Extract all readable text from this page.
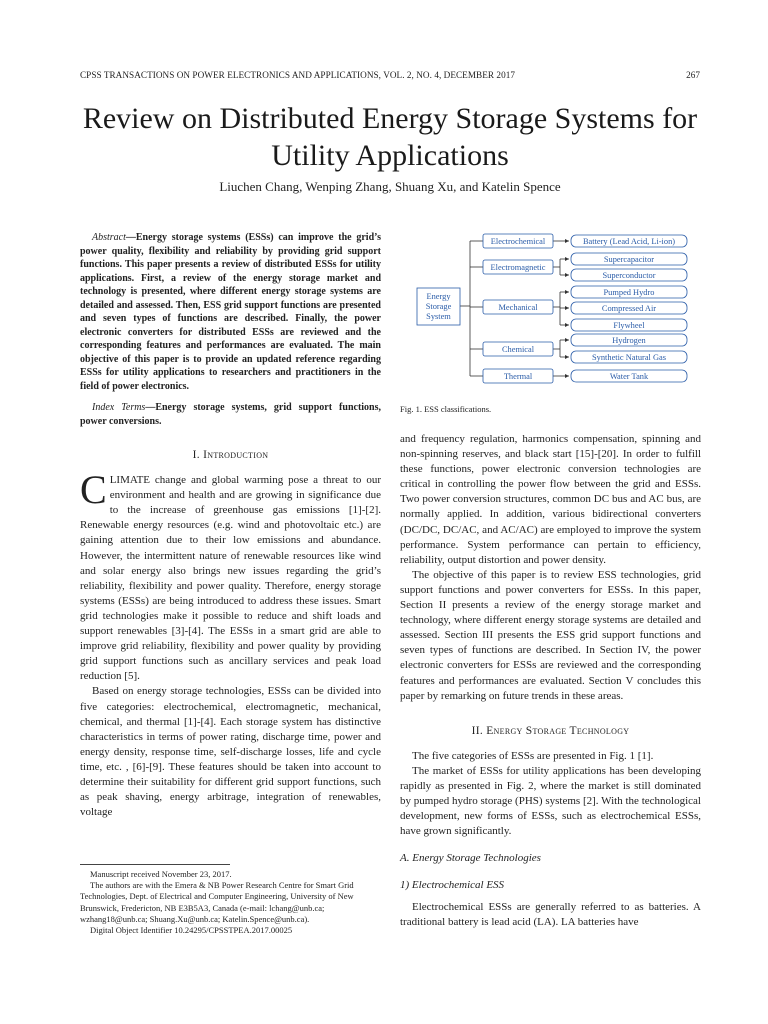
CPSS TRANSACTIONS ON POWER ELECTRONICS AND APPLICATIONS, VOL. 2, NO. 4, DECEMBER 2017	267
Review on Distributed Energy Storage Systems for Utility Applications
Liuchen Chang, Wenping Zhang, Shuang Xu, and Katelin Spence

Abstract—Energy storage systems (ESSs) can improve the grid’s power quality, flexibility and reliability by providing grid support functions. This paper presents a review of distributed ESSs for utility applications. First, a review of the energy storage market and technology is presented, where different energy storage systems are detailed and assessed. Then, ESS grid support functions are presented and seven types of functions are described. Finally, the power electronic converters for distributed ESSs are reviewed and the corresponding features and performances are evaluated. The main objective of this paper is to provide an updated reference regarding ESSs for utility applications to researchers and practitioners in the field of power electronics.

Index Terms—Energy storage systems, grid support functions, power conversions.

I. Introduction

CLIMATE change and global warming pose a threat to our environment and health and are growing in significance due to the increase of greenhouse gas emissions [1]-[2]. Renewable energy resources (e.g. wind and photovoltaic etc.) are gaining attention due to their low emissions and abundance. However, the intermittent nature of renewable resources like wind and solar energy also brings new issues regarding the grid’s reliability, flexibility and power quality. Therefore, energy storage systems (ESSs) are being introduced to address these issues. Smart grid technologies make it possible to reduce and shift loads and support renewables [3]-[4]. The ESSs in a smart grid are able to improve grid reliability, flexibility and power quality by providing grid support functions such as ancillary services and peak load reduction [5].

Based on energy storage technologies, ESSs can be divided into five categories: electrochemical, electromagnetic, mechanical, chemical, and thermal [1]-[4]. Each storage system has distinctive characteristics in terms of power rating, discharge time, power and energy density, response time, self-discharge losses, life and cycle time, etc. , [6]-[9]. These features should be taken into account to determine their suitability for different grid support functions, such as peak shaving, energy arbitrage, integration of renewables, voltage

Manuscript received November 23, 2017.

The authors are with the Emera & NB Power Research Centre for Smart Grid Technologies, Dept. of Electrical and Computer Engineering, University of New Brunswick, Fredericton, NB E3B5A3, Canada (e-mail: lchang@unb.ca; wzhang18@unb.ca; Shuang.Xu@unb.ca; Katelin.Spence@unb.ca).

Digital Object Identifier 10.24295/CPSSTPEA.2017.00025

Energy
Storage
System
Electrochemical
Electromagnetic
Mechanical
Chemical
Thermal
Battery (Lead Acid, Li-ion)
Supercapacitor
Superconductor
Pumped Hydro
Compressed Air
Flywheel
Hydrogen
Synthetic Natural Gas
Water Tank
Fig. 1. ESS classifications.

and frequency regulation, harmonics compensation, spinning and non-spinning reserves, and black start [15]-[20]. In order to fulfill these functions, power electronic conversion technologies are critical in controlling the power flow between the grid and ESSs. Two power conversion structures, common DC bus and AC bus, are normally applied. In addition, various bidirectional converters (DC/DC, DC/AC, and AC/AC) are employed to improve the system performance. System performance can pertain to efficiency, reliability, output distortion and power density.

The objective of this paper is to review ESS technologies, grid support functions and power converters for ESSs. In this paper, Section II presents a review of the energy storage market and technology, where different energy storage systems are detailed and assessed. Section III presents the ESS grid support functions and seven types of functions are described. In Section IV, the power electronic converters for ESSs are reviewed and the corresponding features and performances are evaluated. Section V concludes this paper by remarking on future trends in these areas.

II. Energy Storage Technology

The five categories of ESSs are presented in Fig. 1 [1].

The market of ESSs for utility applications has been developing rapidly as presented in Fig. 2, where the market is still dominated by pumped hydro storage (PHS) systems [2]. With the technological development, new forms of ESSs, such as electrochemical ESSs, have grown significantly.

A. Energy Storage Technologies

1) Electrochemical ESS

Electrochemical ESSs are generally referred to as batteries. A traditional battery is lead acid (LA). LA batteries have
